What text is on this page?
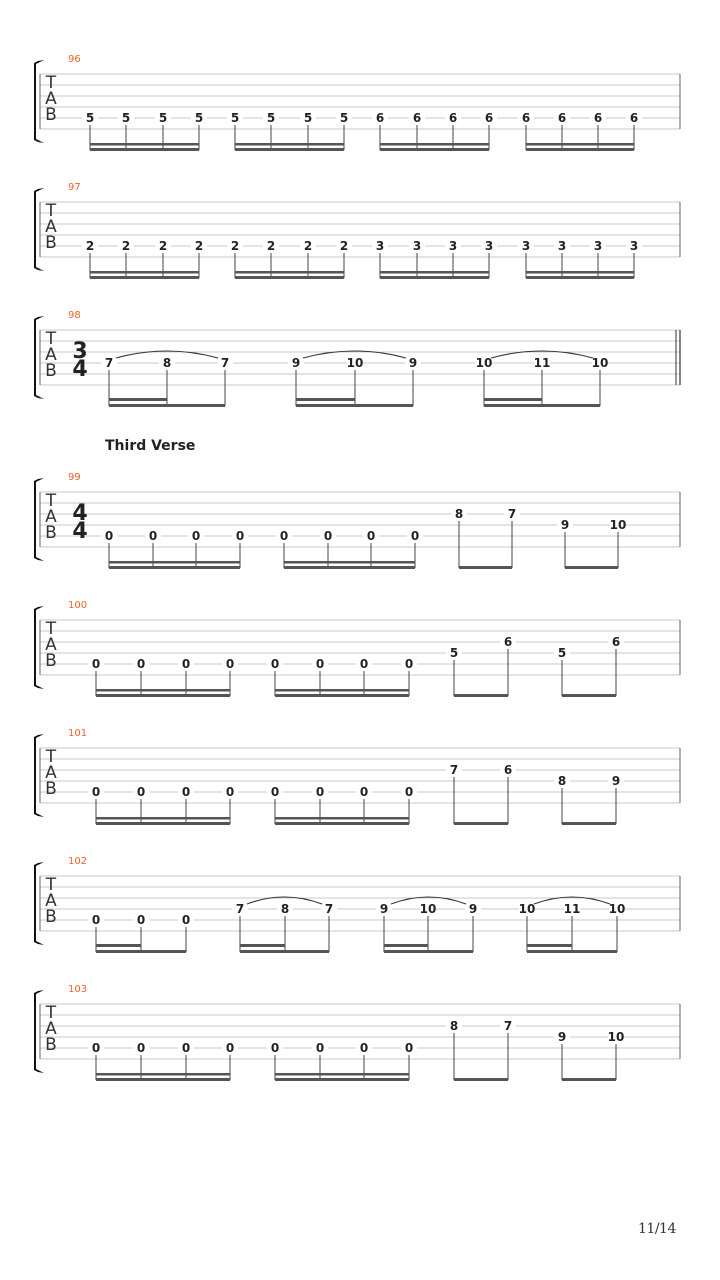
96
T
A
B 5 5 5 5 5 5 5 5 6 6 6 6 6 6 6 6
97
T
A
B 2 2 2 2 2 2 2 2 3 3 3 3 3 3 3 3
98
T
A
B
3
4 7	8	7	9	10	9	10	11	10
99
T
A
B
4
4 0	0	0	0	0	0	0	0
8	7
9	10
100
T
A
B	0	0	0	0	0	0	0	0
5
6
5
6
101
T
A
B	0	0	0	0	0	0	0	0
7	6
8	9
102
T
A
B	0	0	0
7	8	7	9	10	9	10 11 10
103
T
A
B	0	0	0	0	0	0	0	0
8	7
9	10
Third Verse
11/14
